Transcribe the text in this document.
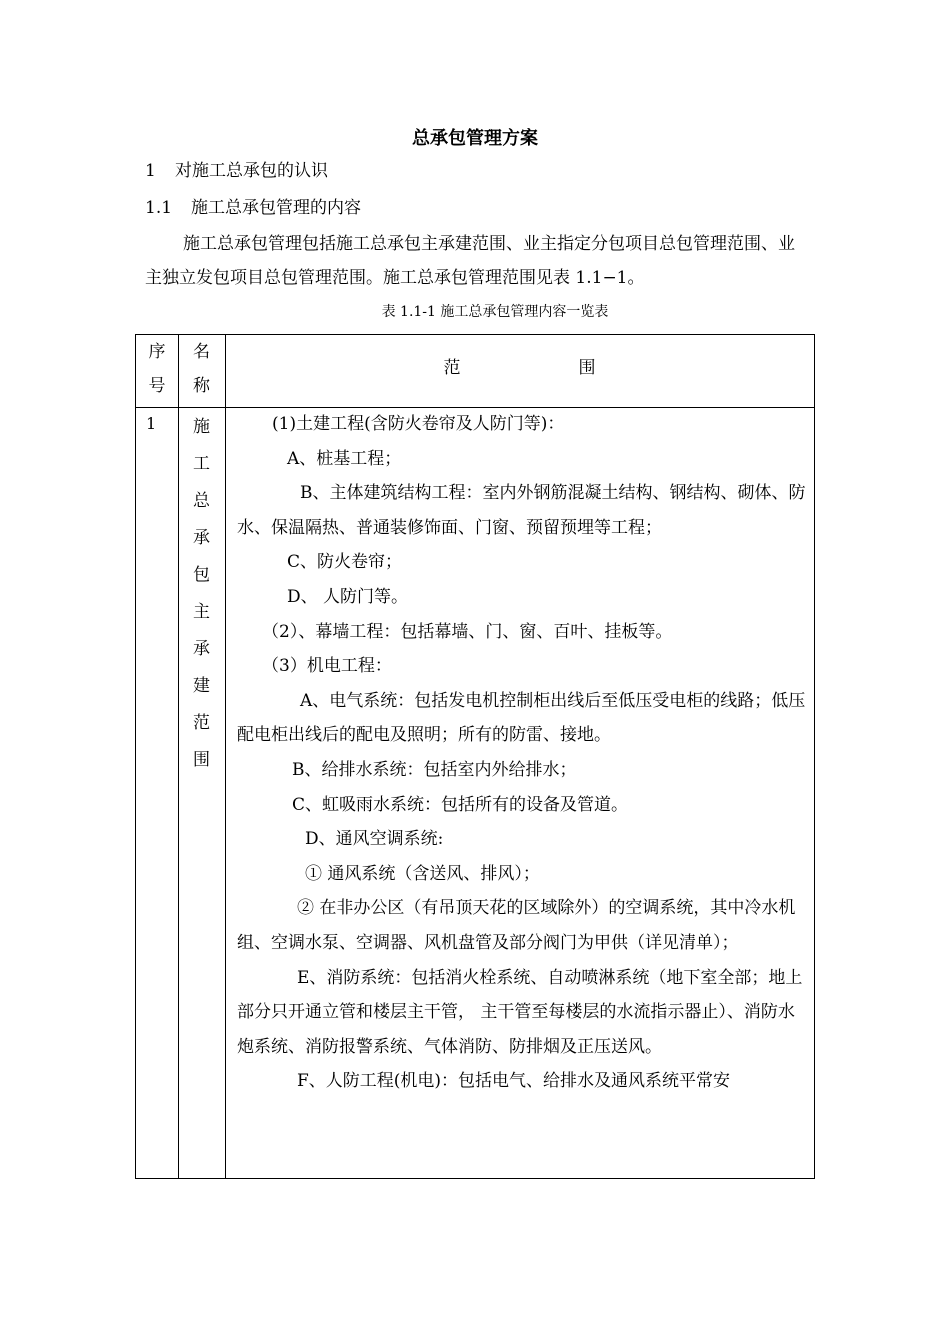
总承包管理方案
1 对施工总承包的认识
1.1 施工总承包管理的内容
施工总承包管理包括施工总承包主承建范围、业主指定分包项目总包管理范围、业主独立发包项目总包管理范围。施工总承包管理范围见表 1.1−1。
表 1.1-1 施工总承包管理内容一览表
序
号
名
称
范	围
1	施
工
总
承
包
主
承
建
范
围

(1)土建工程(含防火卷帘及人防门等)：

A、桩基工程；

B、主体建筑结构工程：室内外钢筋混凝土结构、钢结构、砌体、防水、保温隔热、普通装修饰面、门窗、预留预埋等工程；

C、防火卷帘；

D、 人防门等。

（2）、幕墙工程：包括幕墙、门、窗、百叶、挂板等。

（3）机电工程：

A、电气系统：包括发电机控制柜出线后至低压受电柜的线路；低压配电柜出线后的配电及照明；所有的防雷、接地。

B、给排水系统：包括室内外给排水；

C、虹吸雨水系统：包括所有的设备及管道。

D、通风空调系统:

① 通风系统（含送风、排风）；

② 在非办公区（有吊顶天花的区域除外）的空调系统，其中冷水机组、空调水泵、空调器、风机盘管及部分阀门为甲供（详见清单）；

E、消防系统：包括消火栓系统、自动喷淋系统（地下室全部；地上部分只开通立管和楼层主干管， 主干管至每楼层的水流指示器止）、消防水炮系统、消防报警系统、气体消防、防排烟及正压送风。

F、人防工程(机电)：包括电气、给排水及通风系统平常安
